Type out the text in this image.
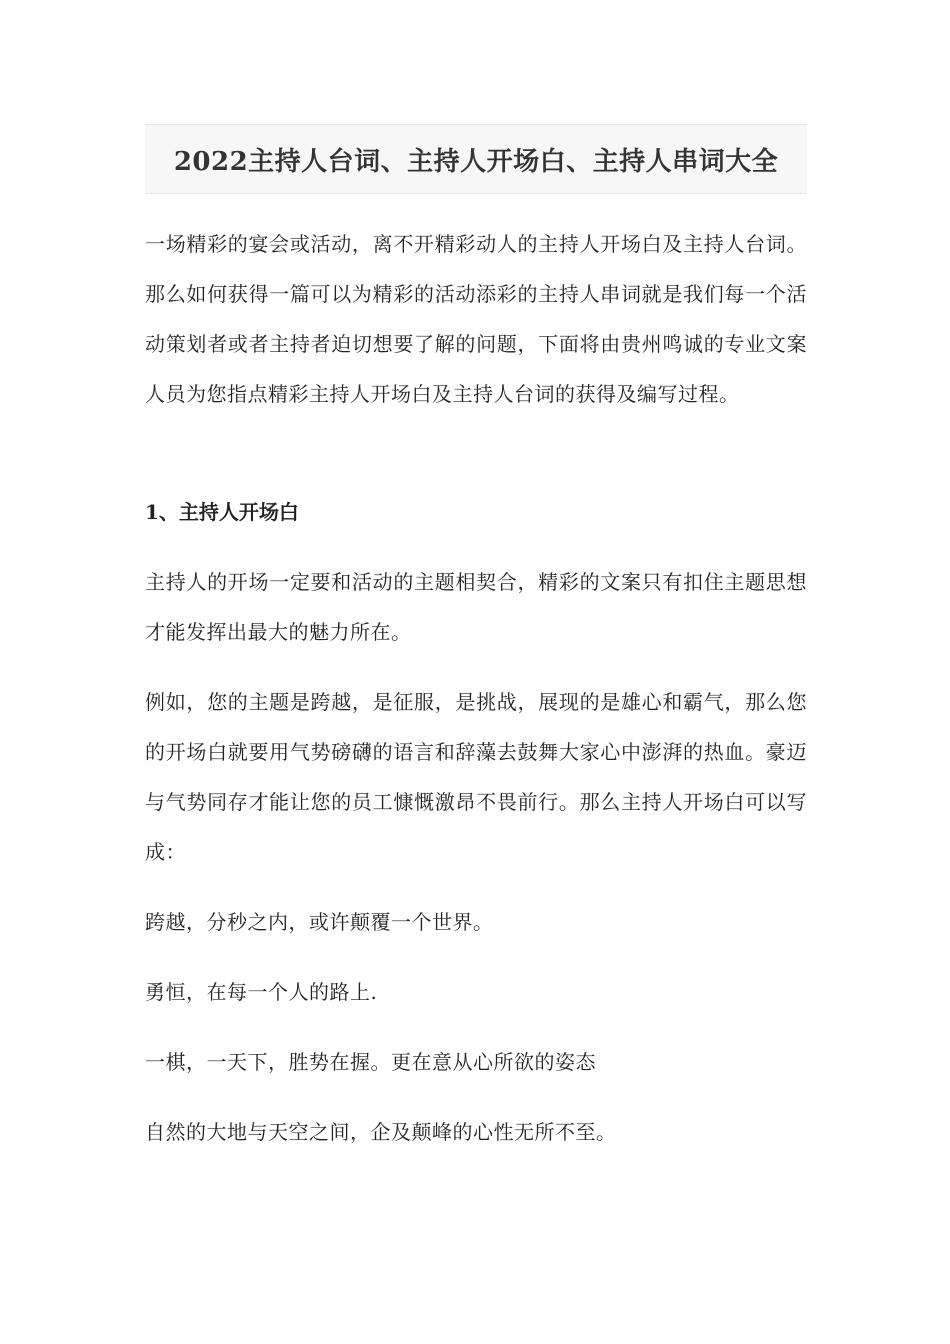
2022主持人台词、主持人开场白、主持人串词大全

一场精彩的宴会或活动，离不开精彩动人的主持人开场白及主持人台词。那么如何获得一篇可以为精彩的活动添彩的主持人串词就是我们每一个活动策划者或者主持者迫切想要了解的问题，下面将由贵州鸣诚的专业文案人员为您指点精彩主持人开场白及主持人台词的获得及编写过程。

1、主持人开场白

主持人的开场一定要和活动的主题相契合，精彩的文案只有扣住主题思想才能发挥出最大的魅力所在。

例如，您的主题是跨越，是征服，是挑战，展现的是雄心和霸气，那么您的开场白就要用气势磅礴的语言和辞藻去鼓舞大家心中澎湃的热血。豪迈与气势同存才能让您的员工慷慨激昂不畏前行。那么主持人开场白可以写成：

跨越，分秒之内，或许颠覆一个世界。

勇恒，在每一个人的路上.

一棋，一天下，胜势在握。更在意从心所欲的姿态

自然的大地与天空之间，企及颠峰的心性无所不至。
